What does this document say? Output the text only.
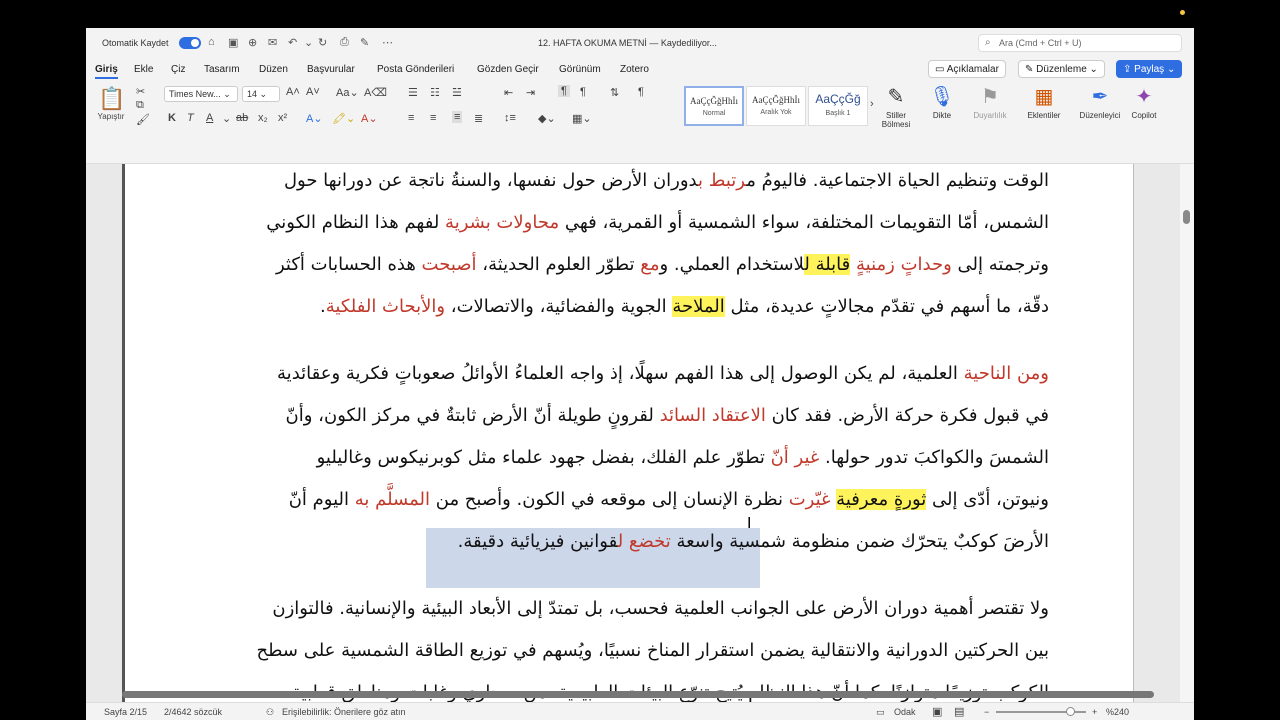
Otomatik Kaydet	⌂ ▣ ⊕ ✉ ↶ ⌄ ↻ ⎙ ✎ ⋯	12. HAFTA OKUMA METNİ — Kaydediliyor...	⌕ Ara (Cmd + Ctrl + U)
Giriş Ekle Çiz Tasarım Düzen Başvurular Posta Gönderileri Gözden Geçir Görünüm Zotero	▭ Açıklamalar	✎ Düzenleme ⌄	⇪ Paylaş ⌄
📋
Yapıştır
✂
⧉
🖌
Times New... ⌄	14 ⌄	A˄ A˅ Aa⌄ A⌫
K T A ⌄ ab x₂ x² A⌄ 🖍⌄ A⌄
☰ ☷ ☱	⇤ ⇥ ¶ ¶ ⇅ ¶
≡ ≡ ≡ ≣ ↕≡ ◆⌄ ▦⌄
AaÇçĞğHhİı
Normal
AaÇçĞğHhİı
Aralık Yok
AaÇçĞğ
Başlık 1
› ✎
Stiller Bölmesi
🎙
Dikte
⚑
Duyarlılık
▦
Eklentiler
✒
Düzenleyici
✦
Copilot
الوقت وتنظيم الحياة الاجتماعية. فاليومُ مرتبط بدوران الأرض حول نفسها، والسنةُ ناتجة عن دورانها حول
الشمس، أمّا التقويمات المختلفة، سواء الشمسية أو القمرية، فهي محاولات بشرية لفهم هذا النظام الكوني
وترجمته إلى وحداتٍ زمنيةٍ قابلة للاستخدام العملي. ومع تطوّر العلوم الحديثة، أصبحت هذه الحسابات أكثر
دقّة، ما أسهم في تقدّم مجالاتٍ عديدة، مثل الملاحة الجوية والفضائية، والاتصالات، والأبحاث الفلكية.
ومن الناحية العلمية، لم يكن الوصول إلى هذا الفهم سهلًا، إذ واجه العلماءُ الأوائلُ صعوباتٍ فكرية وعقائدية
في قبول فكرة حركة الأرض. فقد كان الاعتقاد السائد لقرونٍ طويلة أنّ الأرض ثابتةٌ في مركز الكون، وأنّ
الشمسَ والكواكبَ تدور حولها. غير أنّ تطوّر علم الفلك، بفضل جهود علماء مثل كوبرنيكوس وغاليليو
ونيوتن، أدّى إلى ثورةٍ معرفية غيّرت نظرة الإنسان إلى موقعه في الكون. وأصبح من المسلَّم به اليوم أنّ
الأرضَ كوكبٌ يتحرّك ضمن منظومة شمسية واسعة تخضع لقوانين فيزيائية دقيقة.
ولا تقتصر أهمية دوران الأرض على الجوانب العلمية فحسب، بل تمتدّ إلى الأبعاد البيئية والإنسانية. فالتوازن
بين الحركتين الدورانية والانتقالية يضمن استقرار المناخ نسبيًا، ويُسهم في توزيع الطاقة الشمسية على سطح
Sayfa 2/15 2/4642 sözcük	⚇ Erişilebilirlik: Önerilere göz atın	▭ Odak ▣ ▤ −	+ %240
I
